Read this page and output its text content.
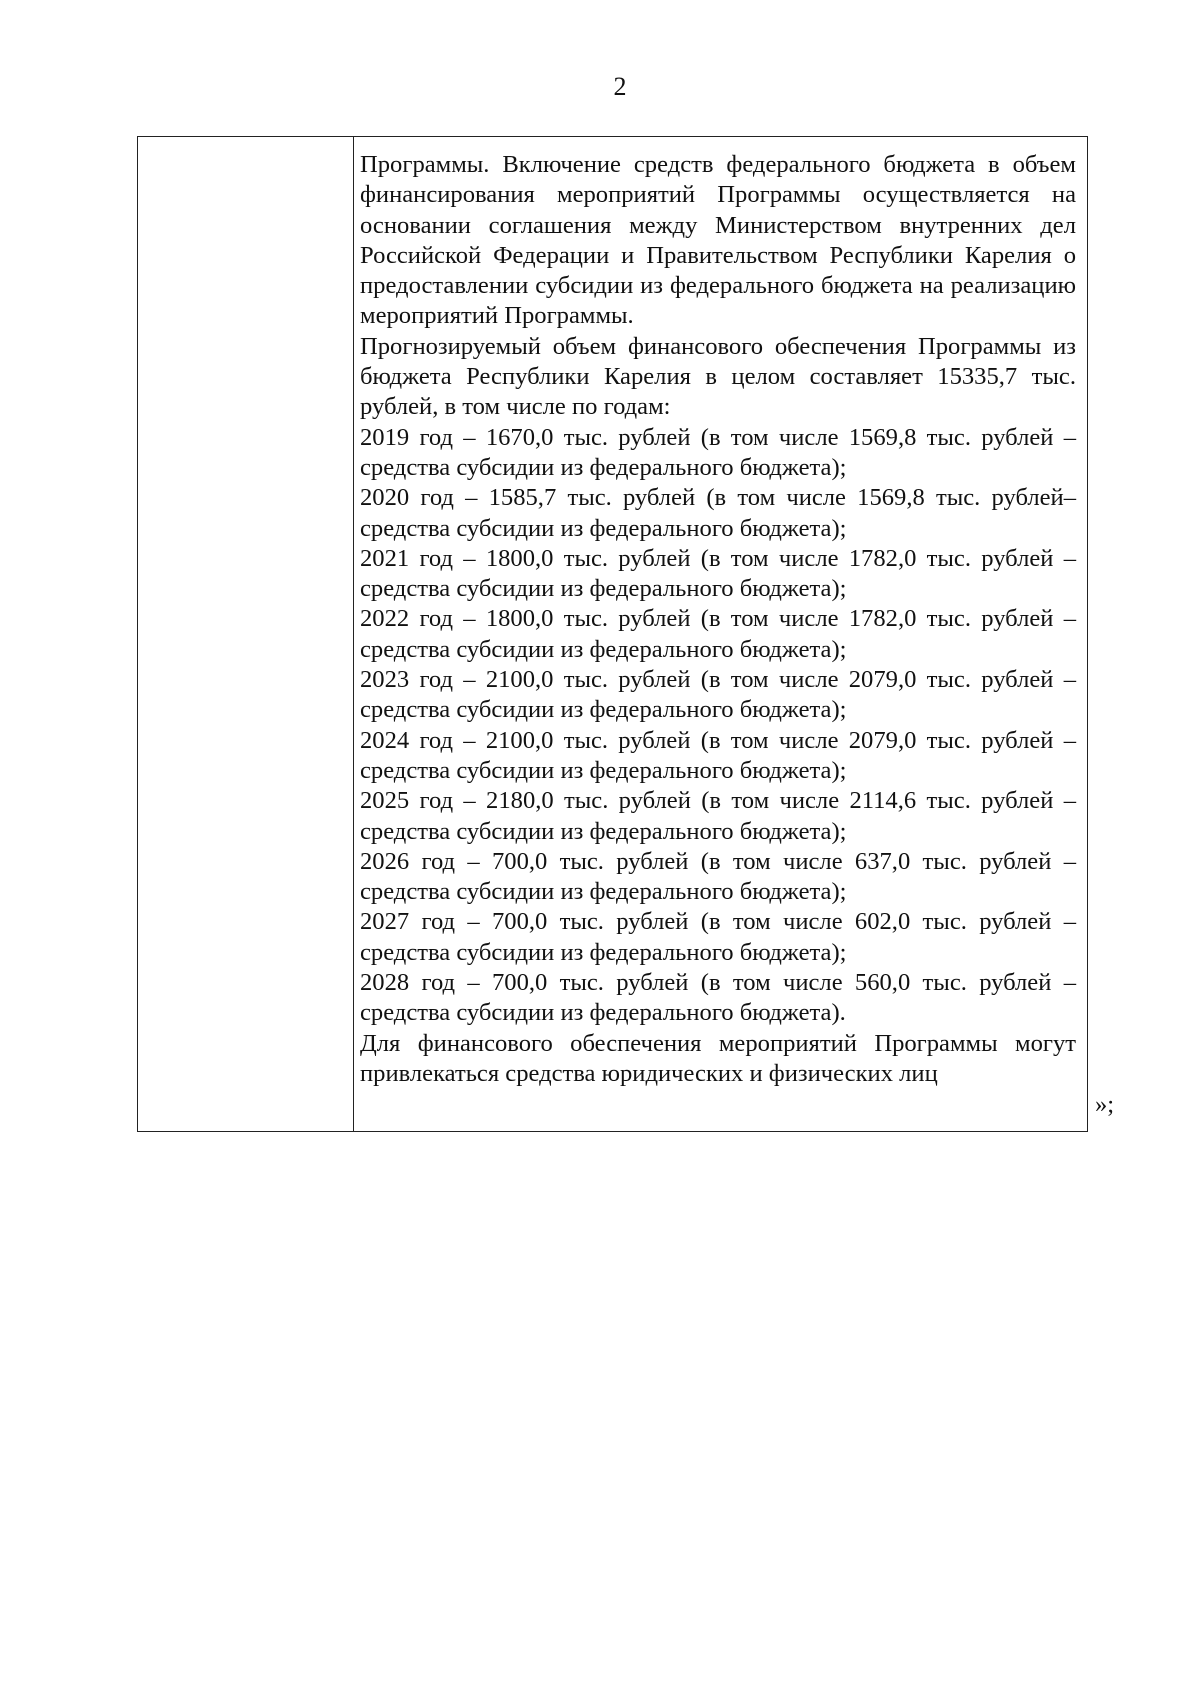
2

Программы. Включение средств федерального бюджета в объем финансирования мероприятий Программы осуществляется на основании соглашения между Министерством внутренних дел Российской Федерации и Правительством Республики Карелия о предоставлении субсидии из федерального бюджета на реализацию мероприятий Программы.

Прогнозируемый объем финансового обеспечения Программы из бюджета Республики Карелия в целом составляет 15335,7 тыс. рублей, в том числе по годам:

2019 год – 1670,0 тыс. рублей (в том числе 1569,8 тыс. рублей – средства субсидии из федерального бюджета);

2020 год – 1585,7 тыс. рублей (в том числе 1569,8 тыс. рублей– средства субсидии из федерального бюджета);

2021 год – 1800,0 тыс. рублей (в том числе 1782,0 тыс. рублей – средства субсидии из федерального бюджета);

2022 год – 1800,0 тыс. рублей (в том числе 1782,0 тыс. рублей – средства субсидии из федерального бюджета);

2023 год – 2100,0 тыс. рублей (в том числе 2079,0 тыс. рублей – средства субсидии из федерального бюджета);

2024 год – 2100,0 тыс. рублей (в том числе 2079,0 тыс. рублей – средства субсидии из федерального бюджета);

2025 год – 2180,0 тыс. рублей (в том числе 2114,6 тыс. рублей – средства субсидии из федерального бюджета);

2026 год – 700,0 тыс. рублей (в том числе 637,0 тыс. рублей – средства субсидии из федерального бюджета);

2027 год – 700,0 тыс. рублей (в том числе 602,0 тыс. рублей – средства субсидии из федерального бюджета);

2028 год – 700,0 тыс. рублей (в том числе 560,0 тыс. рублей – средства субсидии из федерального бюджета).

Для финансового обеспечения мероприятий Программы могут привлекаться средства юридических и физических лиц

»;
